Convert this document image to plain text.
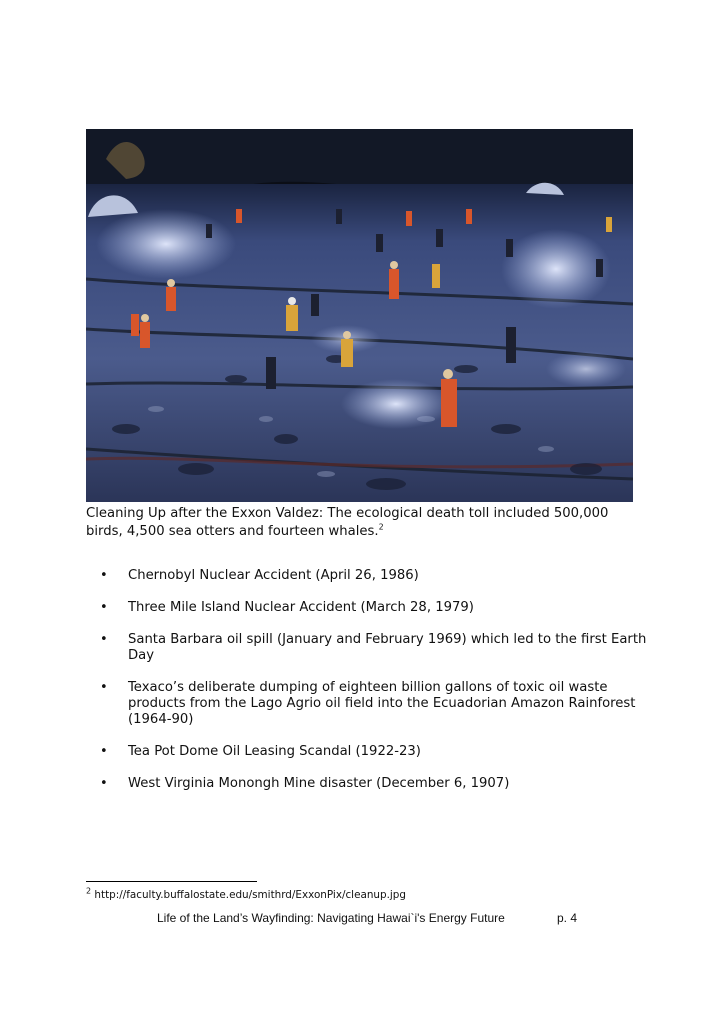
Cleaning Up after the Exxon Valdez: The ecological death toll included 500,000 birds, 4,500 sea otters and fourteen whales.$^2$
•	Chernobyl Nuclear Accident (April 26, 1986)
•	Three Mile Island Nuclear Accident (March 28, 1979)
•	Santa Barbara oil spill (January and February 1969) which led to the first Earth Day
•	Texaco’s deliberate dumping of eighteen billion gallons of toxic oil waste products from the Lago Agrio oil field into the Ecuadorian Amazon Rainforest (1964-90)
•	Tea Pot Dome Oil Leasing Scandal (1922-23)
•	West Virginia Monongh Mine disaster (December 6, 1907)
$^2$ http://faculty.buffalostate.edu/smithrd/ExxonPix/cleanup.jpg
Life of the Land’s Wayfinding: Navigating Hawai`i's Energy Future	p. 4
